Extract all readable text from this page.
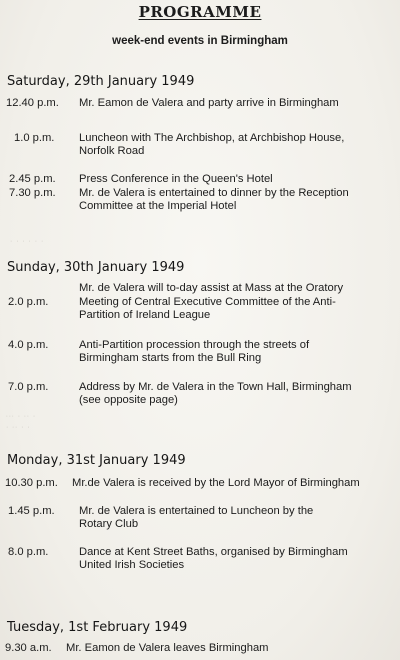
PROGRAMME
week-end events in Birmingham
Saturday, 29th January 1949
12.40 p.m.	Mr. Eamon de Valera and party arrive in Birmingham
1.0 p.m.	Luncheon with The Archbishop, at Archbishop House,
Norfolk Road
2.45 p.m.	Press Conference in the Queen's Hotel
7.30 p.m.	Mr. de Valera is entertained to dinner by the Reception
Committee at the Imperial Hotel
· · ∙ · · ·
Sunday, 30th January 1949
Mr. de Valera will to-day assist at Mass at the Oratory
2.0 p.m.	Meeting of Central Executive Committee of the Anti-
Partition of Ireland League
4.0 p.m.	Anti-Partition procession through the streets of
Birmingham starts from the Bull Ring
7.0 p.m.	Address by Mr. de Valera in the Town Hall, Birmingham
(see opposite page)
∙∙∙ · ∙∙ ·
· ∙∙ · ·
Monday, 31st January 1949
10.30 p.m.	Mr.de Valera is received by the Lord Mayor of Birmingham
1.45 p.m.	Mr. de Valera is entertained to Luncheon by the
Rotary Club
8.0 p.m.	Dance at Kent Street Baths, organised by Birmingham
United Irish Societies
Tuesday, 1st February 1949
9.30 a.m.	Mr. Eamon de Valera leaves Birmingham
